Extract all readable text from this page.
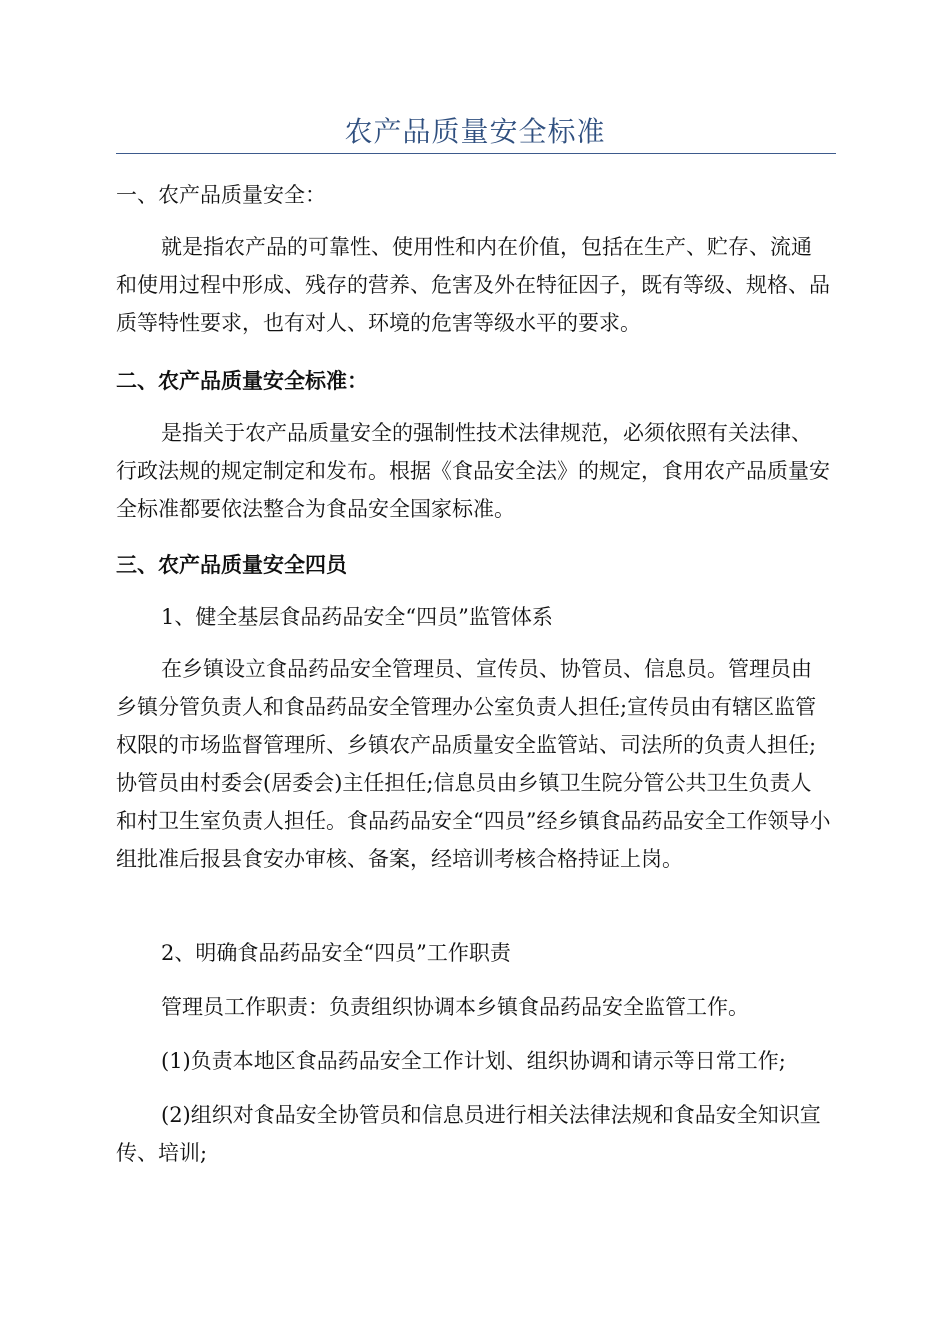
农产品质量安全标准

一、农产品质量安全：

就是指农产品的可靠性、使用性和内在价值，包括在生产、贮存、流通和使用过程中形成、残存的营养、危害及外在特征因子，既有等级、规格、品质等特性要求，也有对人、环境的危害等级水平的要求。

二、农产品质量安全标准：

是指关于农产品质量安全的强制性技术法律规范，必须依照有关法律、行政法规的规定制定和发布。根据《食品安全法》的规定，食用农产品质量安全标准都要依法整合为食品安全国家标准。

三、农产品质量安全四员

1、健全基层食品药品安全“四员”监管体系

在乡镇设立食品药品安全管理员、宣传员、协管员、信息员。管理员由乡镇分管负责人和食品药品安全管理办公室负责人担任;宣传员由有辖区监管权限的市场监督管理所、乡镇农产品质量安全监管站、司法所的负责人担任;协管员由村委会(居委会)主任担任;信息员由乡镇卫生院分管公共卫生负责人和村卫生室负责人担任。食品药品安全“四员”经乡镇食品药品安全工作领导小组批准后报县食安办审核、备案，经培训考核合格持证上岗。

2、明确食品药品安全“四员”工作职责

管理员工作职责：负责组织协调本乡镇食品药品安全监管工作。

(1)负责本地区食品药品安全工作计划、组织协调和请示等日常工作;

(2)组织对食品安全协管员和信息员进行相关法律法规和食品安全知识宣传、培训;
